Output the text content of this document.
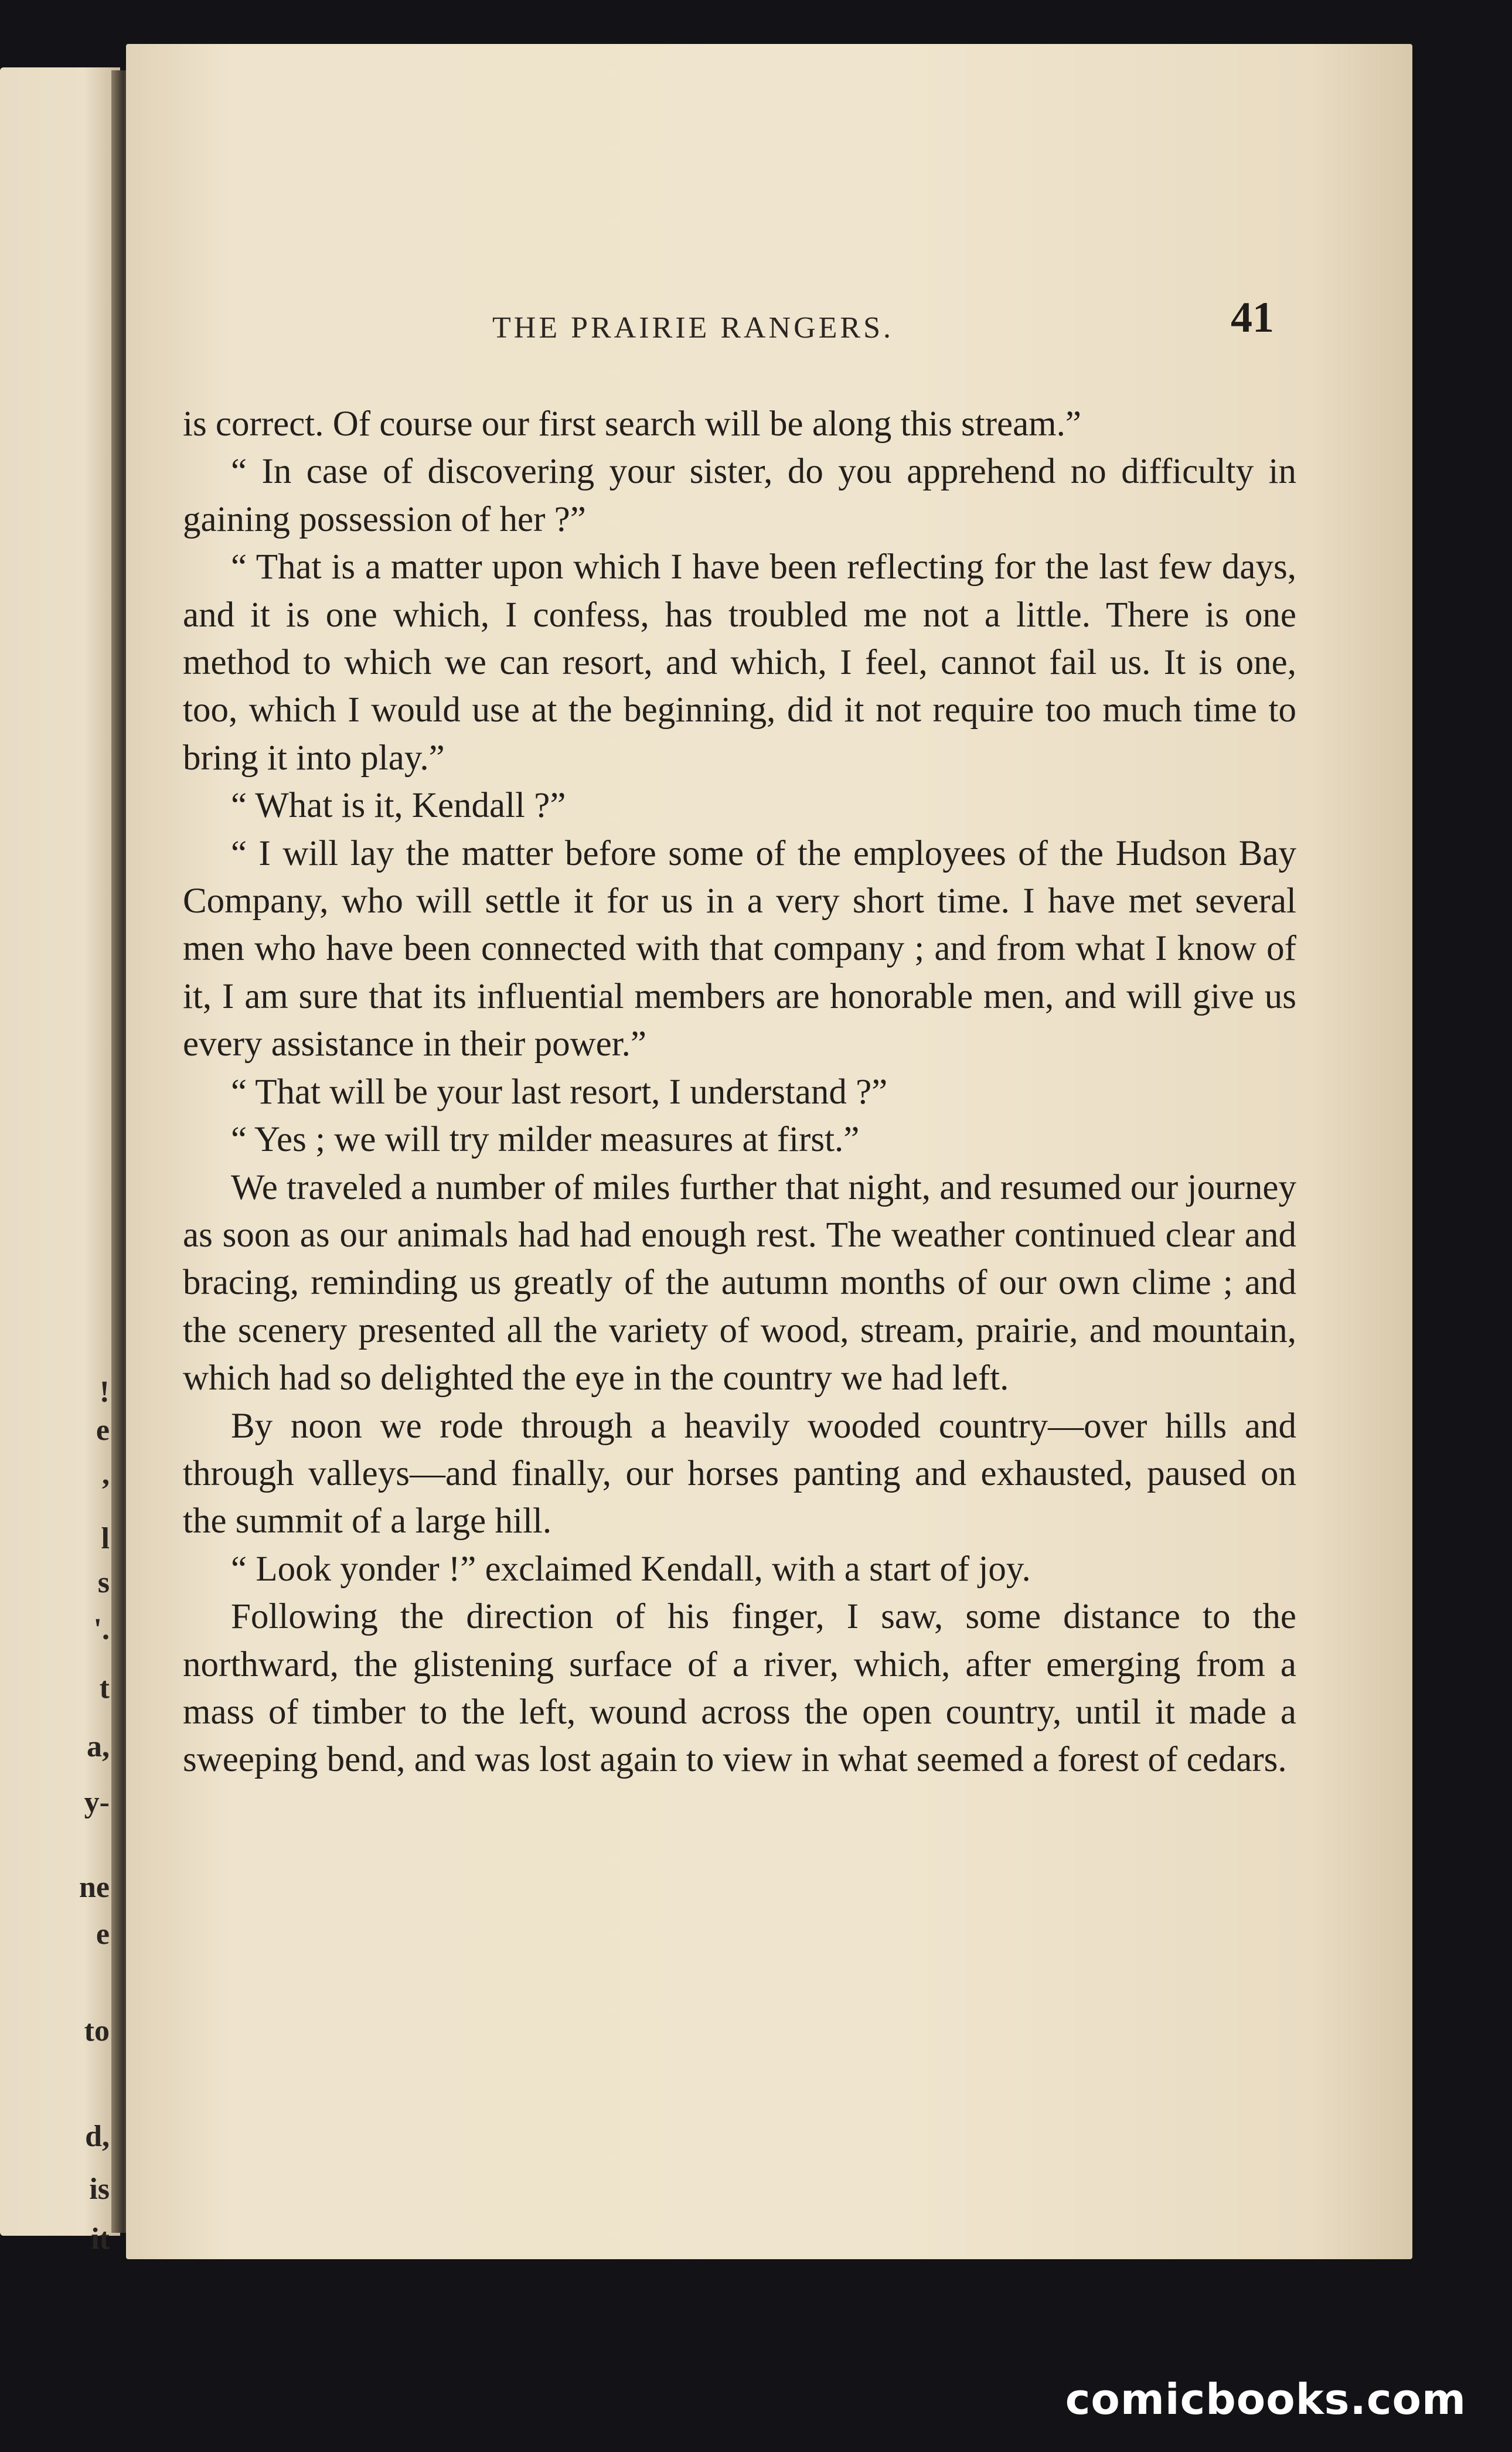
!
e
,
l
s
'.
t
a,
y-
ne
e
to
d,
is
it
THE PRAIRIE RANGERS.	41

is correct. Of course our first search will be along this stream.”

“ In case of discovering your sister, do you apprehend no difficulty in gaining possession of her ?”

“ That is a matter upon which I have been reflecting for the last few days, and it is one which, I confess, has troubled me not a little. There is one method to which we can resort, and which, I feel, cannot fail us. It is one, too, which I would use at the beginning, did it not require too much time to bring it into play.”

“ What is it, Kendall ?”

“ I will lay the matter before some of the employees of the Hudson Bay Company, who will settle it for us in a very short time. I have met several men who have been connected with that company ; and from what I know of it, I am sure that its influential members are honorable men, and will give us every assistance in their power.”

“ That will be your last resort, I understand ?”

“ Yes ; we will try milder measures at first.”

We traveled a number of miles further that night, and resumed our journey as soon as our animals had had enough rest. The weather continued clear and bracing, reminding us greatly of the autumn months of our own clime ; and the scenery presented all the variety of wood, stream, prairie, and mountain, which had so delighted the eye in the country we had left.

By noon we rode through a heavily wooded country—over hills and through valleys—and finally, our horses panting and exhausted, paused on the summit of a large hill.

“ Look yonder !” exclaimed Kendall, with a start of joy.

Following the direction of his finger, I saw, some distance to the northward, the glistening surface of a river, which, after emerging from a mass of timber to the left, wound across the open country, until it made a sweeping bend, and was lost again to view in what seemed a forest of cedars.

comicbooks.com
